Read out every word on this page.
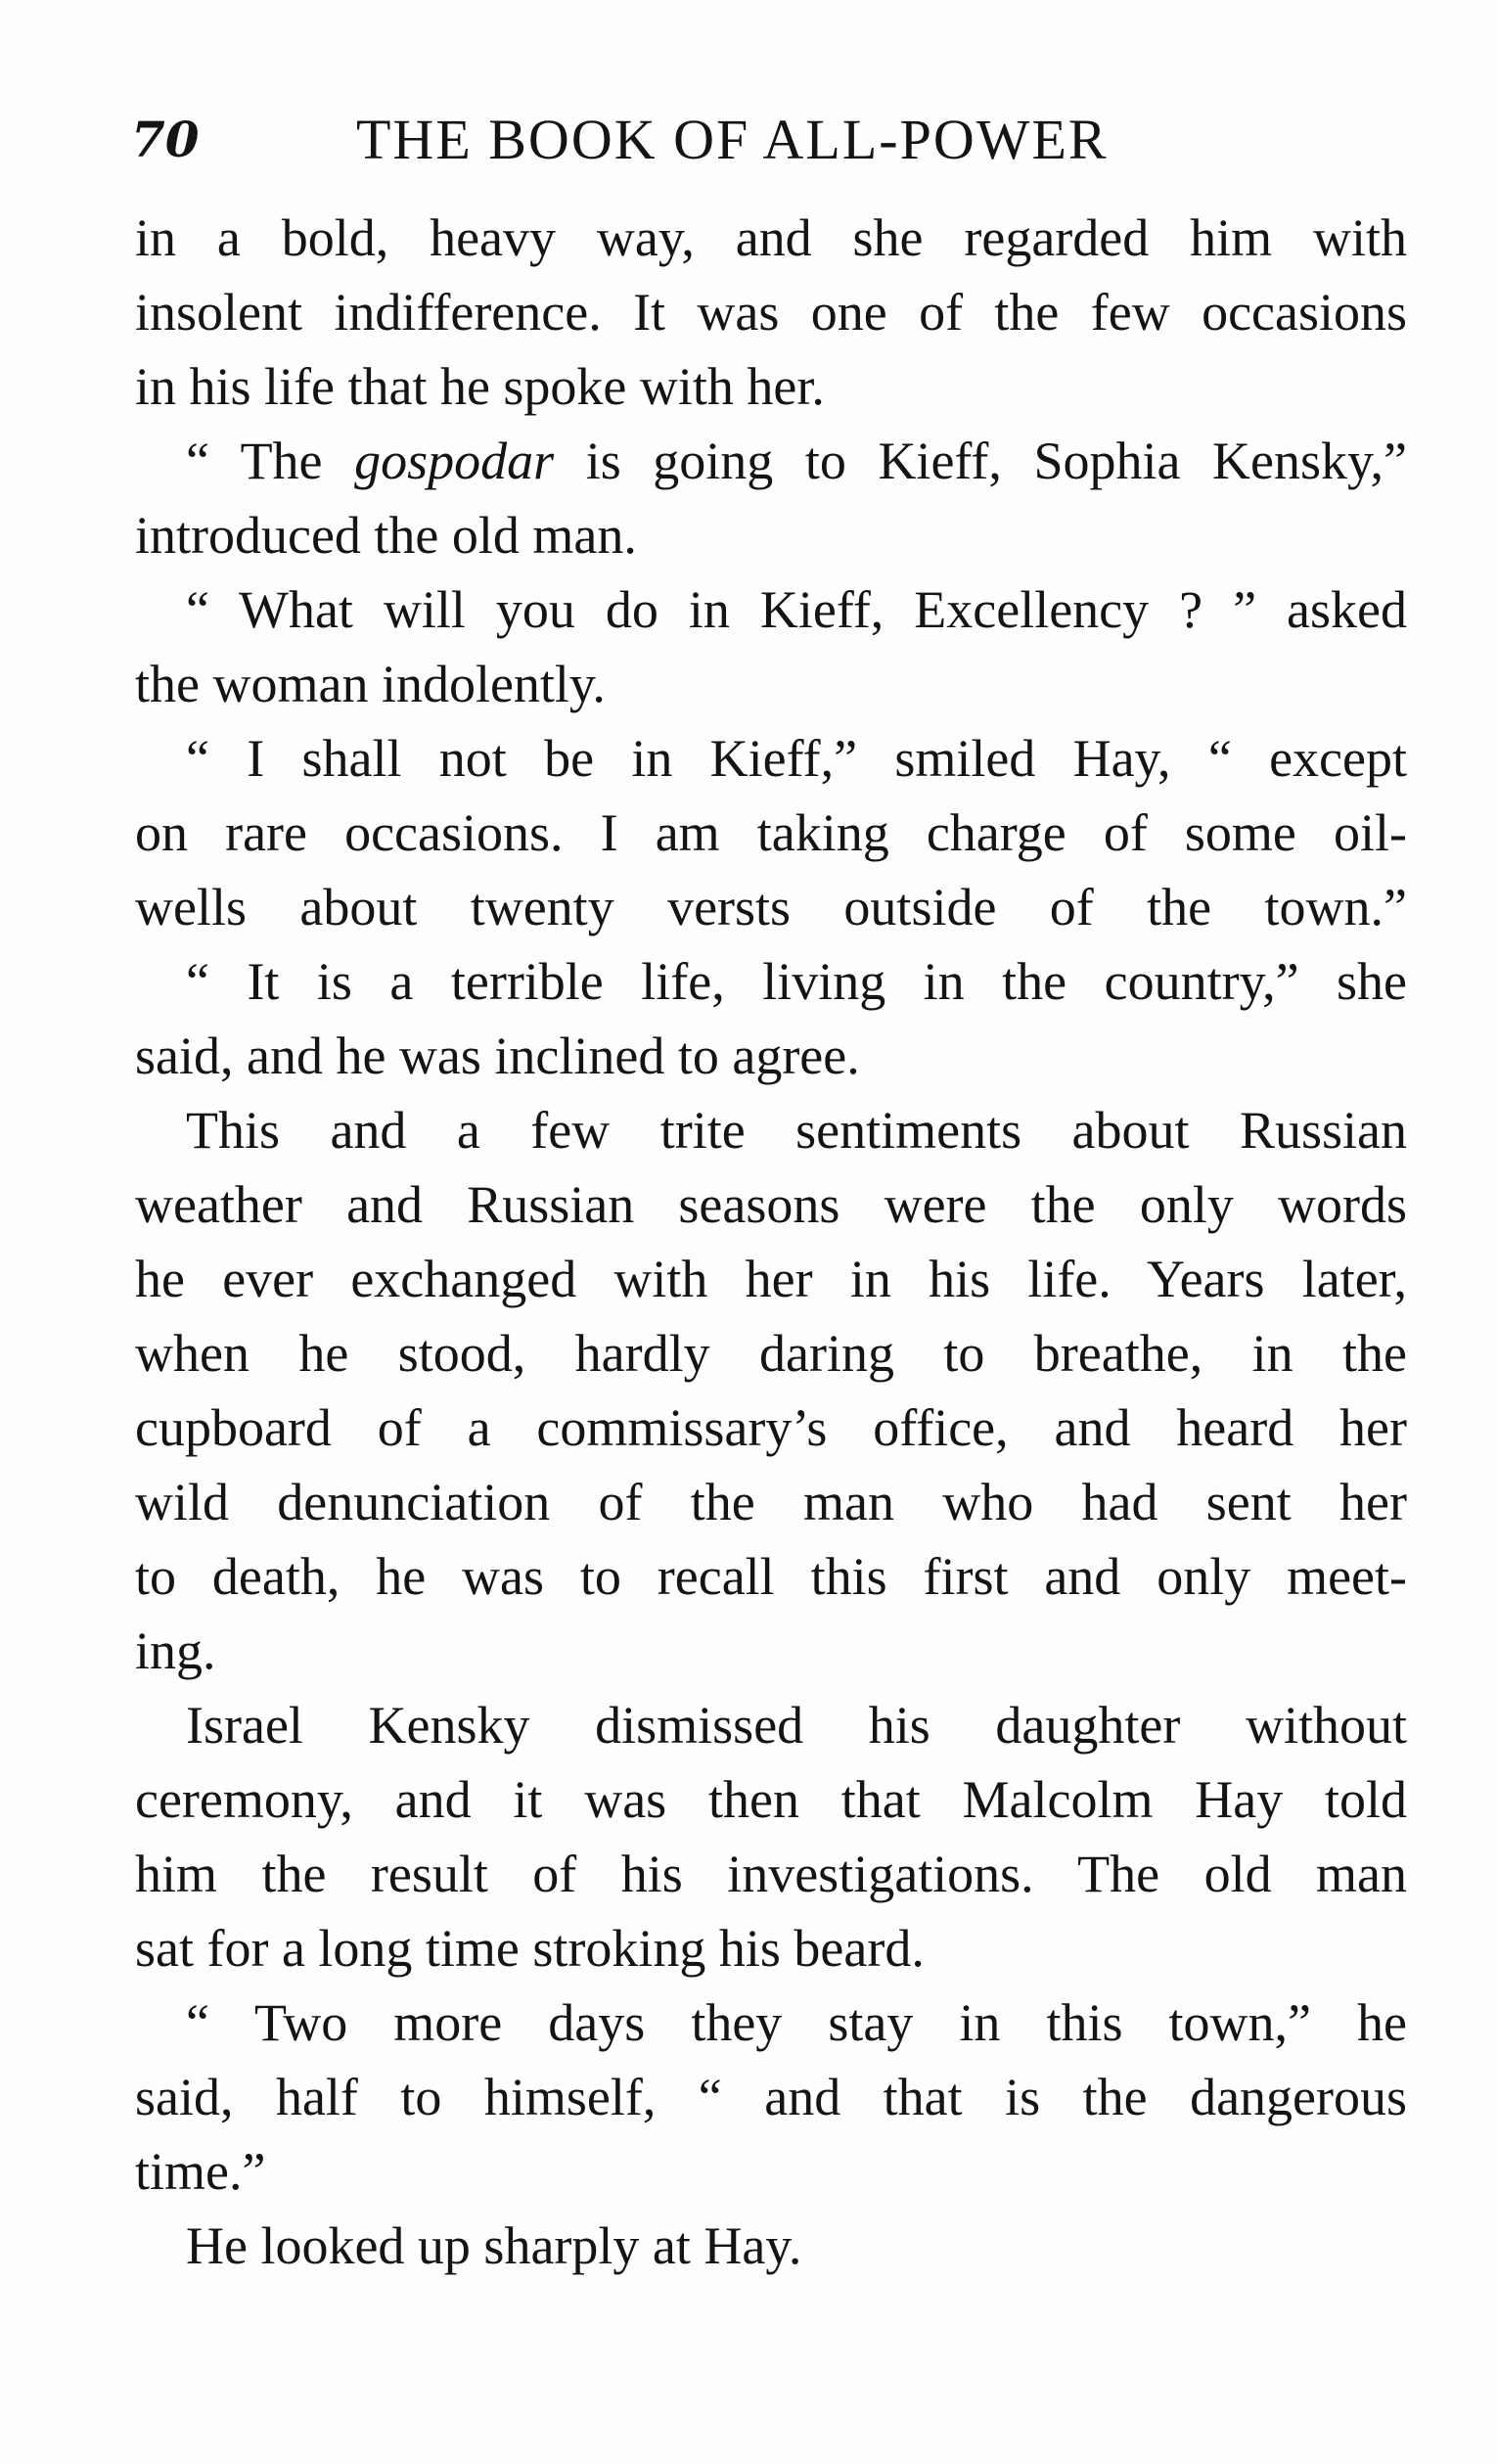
70	THE BOOK OF ALL-POWER
in a bold, heavy way, and she regarded him with
insolent indifference. It was one of the few occasions
in his life that he spoke with her.
“ The gospodar is going to Kieff, Sophia Kensky,”
introduced the old man.
“ What will you do in Kieff, Excellency ? ” asked
the woman indolently.
“ I shall not be in Kieff,” smiled Hay, “ except
on rare occasions. I am taking charge of some oil-
wells about twenty versts outside of the town.”
“ It is a terrible life, living in the country,” she
said, and he was inclined to agree.
This and a few trite sentiments about Russian
weather and Russian seasons were the only words
he ever exchanged with her in his life. Years later,
when he stood, hardly daring to breathe, in the
cupboard of a commissary’s office, and heard her
wild denunciation of the man who had sent her
to death, he was to recall this first and only meet-
ing.
Israel Kensky dismissed his daughter without
ceremony, and it was then that Malcolm Hay told
him the result of his investigations. The old man
sat for a long time stroking his beard.
“ Two more days they stay in this town,” he
said, half to himself, “ and that is the dangerous
time.”
He looked up sharply at Hay.
